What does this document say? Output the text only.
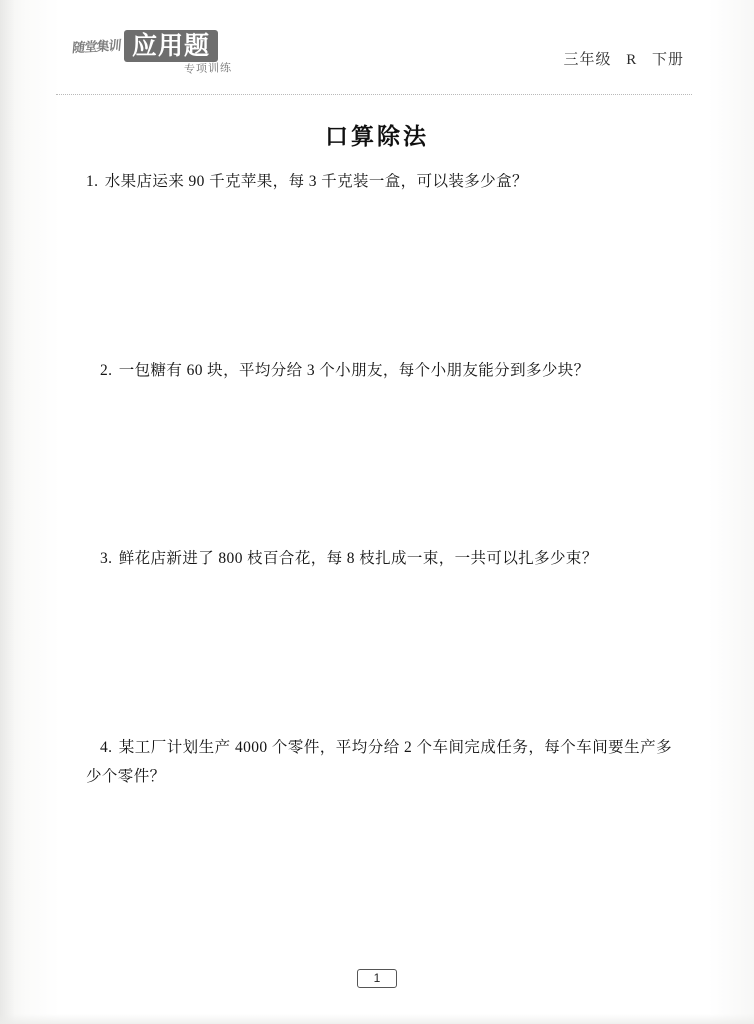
随堂集训 应用题
专项训练
三年级 R 下册
口算除法
1. 水果店运来 90 千克苹果，每 3 千克装一盒，可以装多少盒？
2. 一包糖有 60 块，平均分给 3 个小朋友，每个小朋友能分到多少块？
3. 鲜花店新进了 800 枝百合花，每 8 枝扎成一束，一共可以扎多少束？
4. 某工厂计划生产 4000 个零件，平均分给 2 个车间完成任务，每个车间要生产多少个零件？
1
